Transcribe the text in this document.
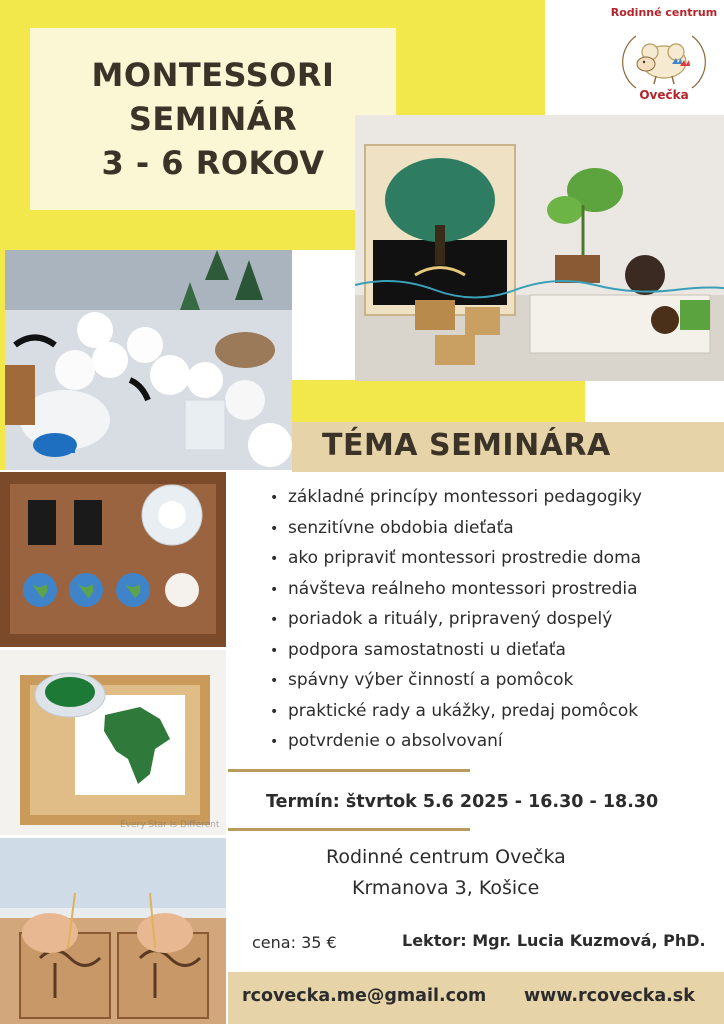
MONTESSORI
SEMINÁR
3 - 6 ROKOV
Rodinné centrum
Ovečka
Every Star Is Different
TÉMA SEMINÁRA
• základné princípy montessori pedagogiky
• senzitívne obdobia dieťaťa
• ako pripraviť montessori prostredie doma
• návšteva reálneho montessori prostredia
• poriadok a rituály, pripravený dospelý
• podpora samostatnosti u dieťaťa
• spávny výber činností a pomôcok
• praktické rady a ukážky, predaj pomôcok
• potvrdenie o absolvovaní
Termín: štvrtok 5.6 2025 - 16.30 - 18.30
Rodinné centrum Ovečka
Krmanova 3, Košice
cena: 35 €	Lektor: Mgr. Lucia Kuzmová, PhD.
rcovecka.me@gmail.com www.rcovecka.sk
